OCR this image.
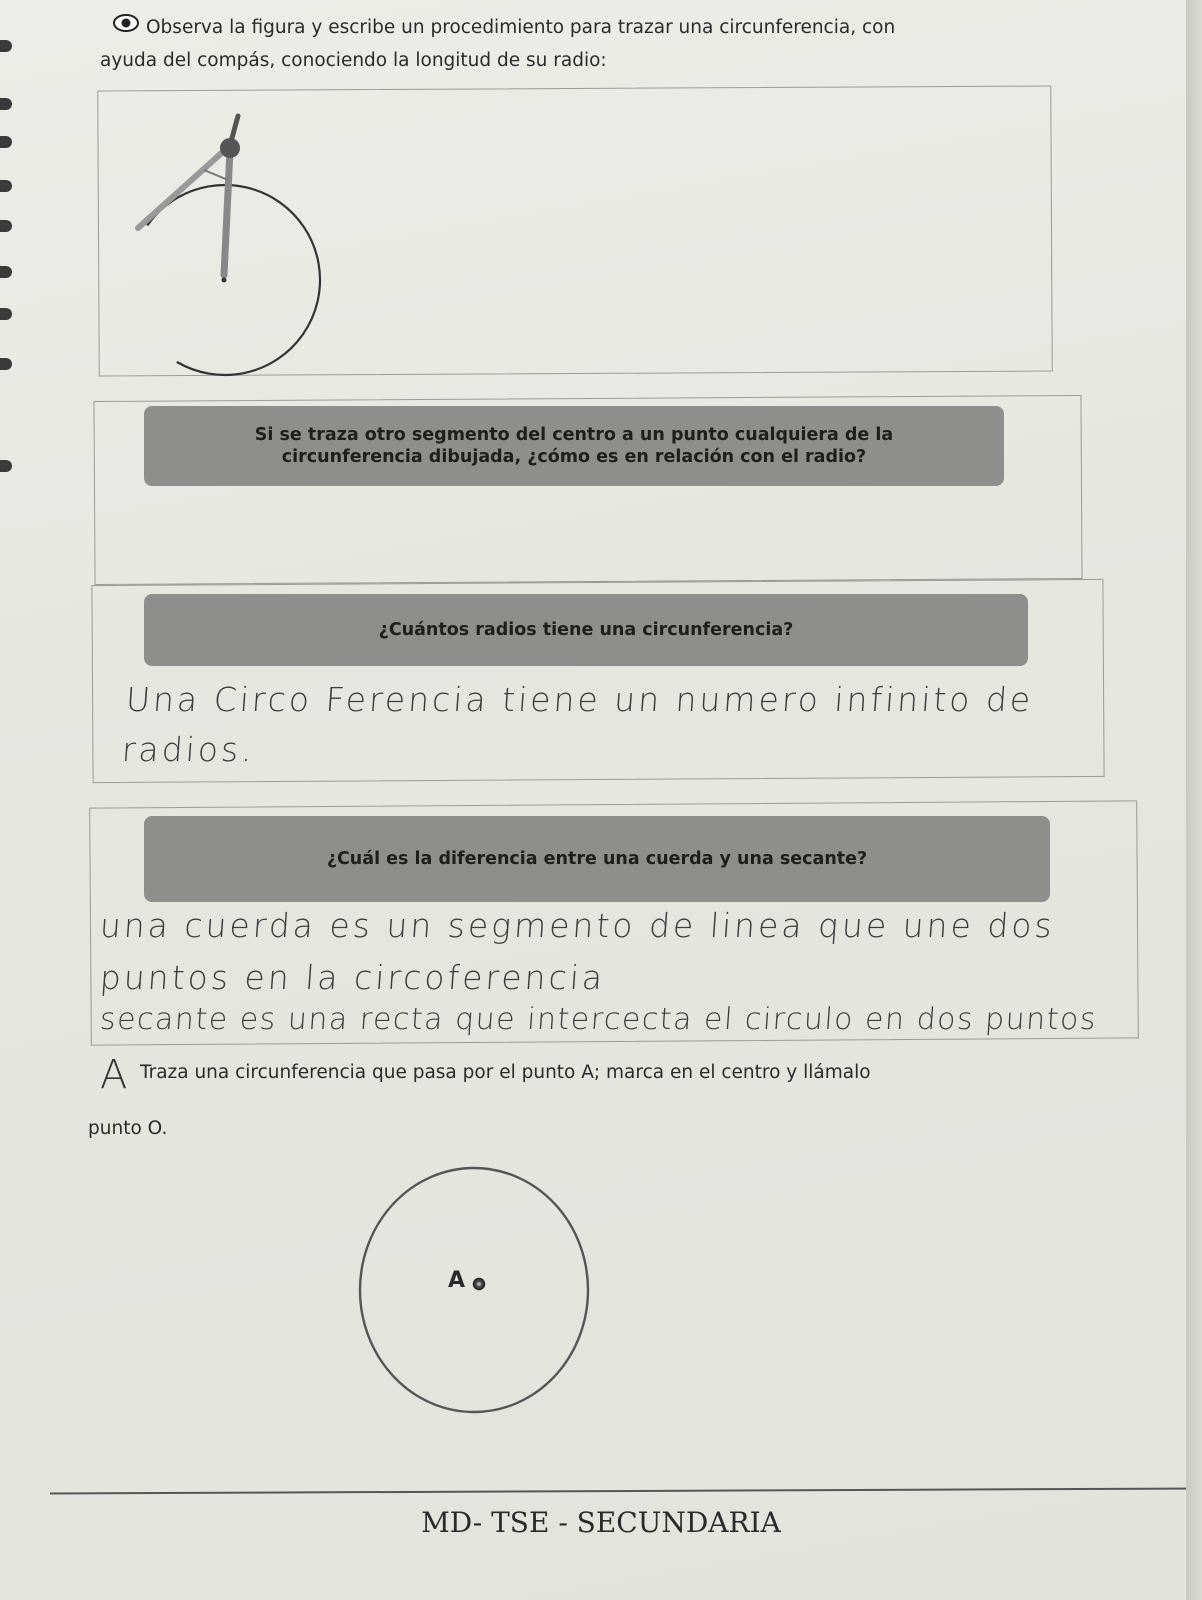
Observa la figura y escribe un procedimiento para trazar una circunferencia, con
ayuda del compás, conociendo la longitud de su radio:
Si se traza otro segmento del centro a un punto cualquiera de la
circunferencia dibujada, ¿cómo es en relación con el radio?
¿Cuántos radios tiene una circunferencia?
Una Circo Ferencia tiene un numero infinito de
radios.
¿Cuál es la diferencia entre una cuerda y una secante?
una cuerda es un segmento de linea que une dos
puntos en la circoferencia
secante es una recta que intercecta el circulo en dos puntos
A Traza una circunferencia que pasa por el punto A; marca en el centro y llámalo
punto O.
A
MD- TSE - SECUNDARIA
